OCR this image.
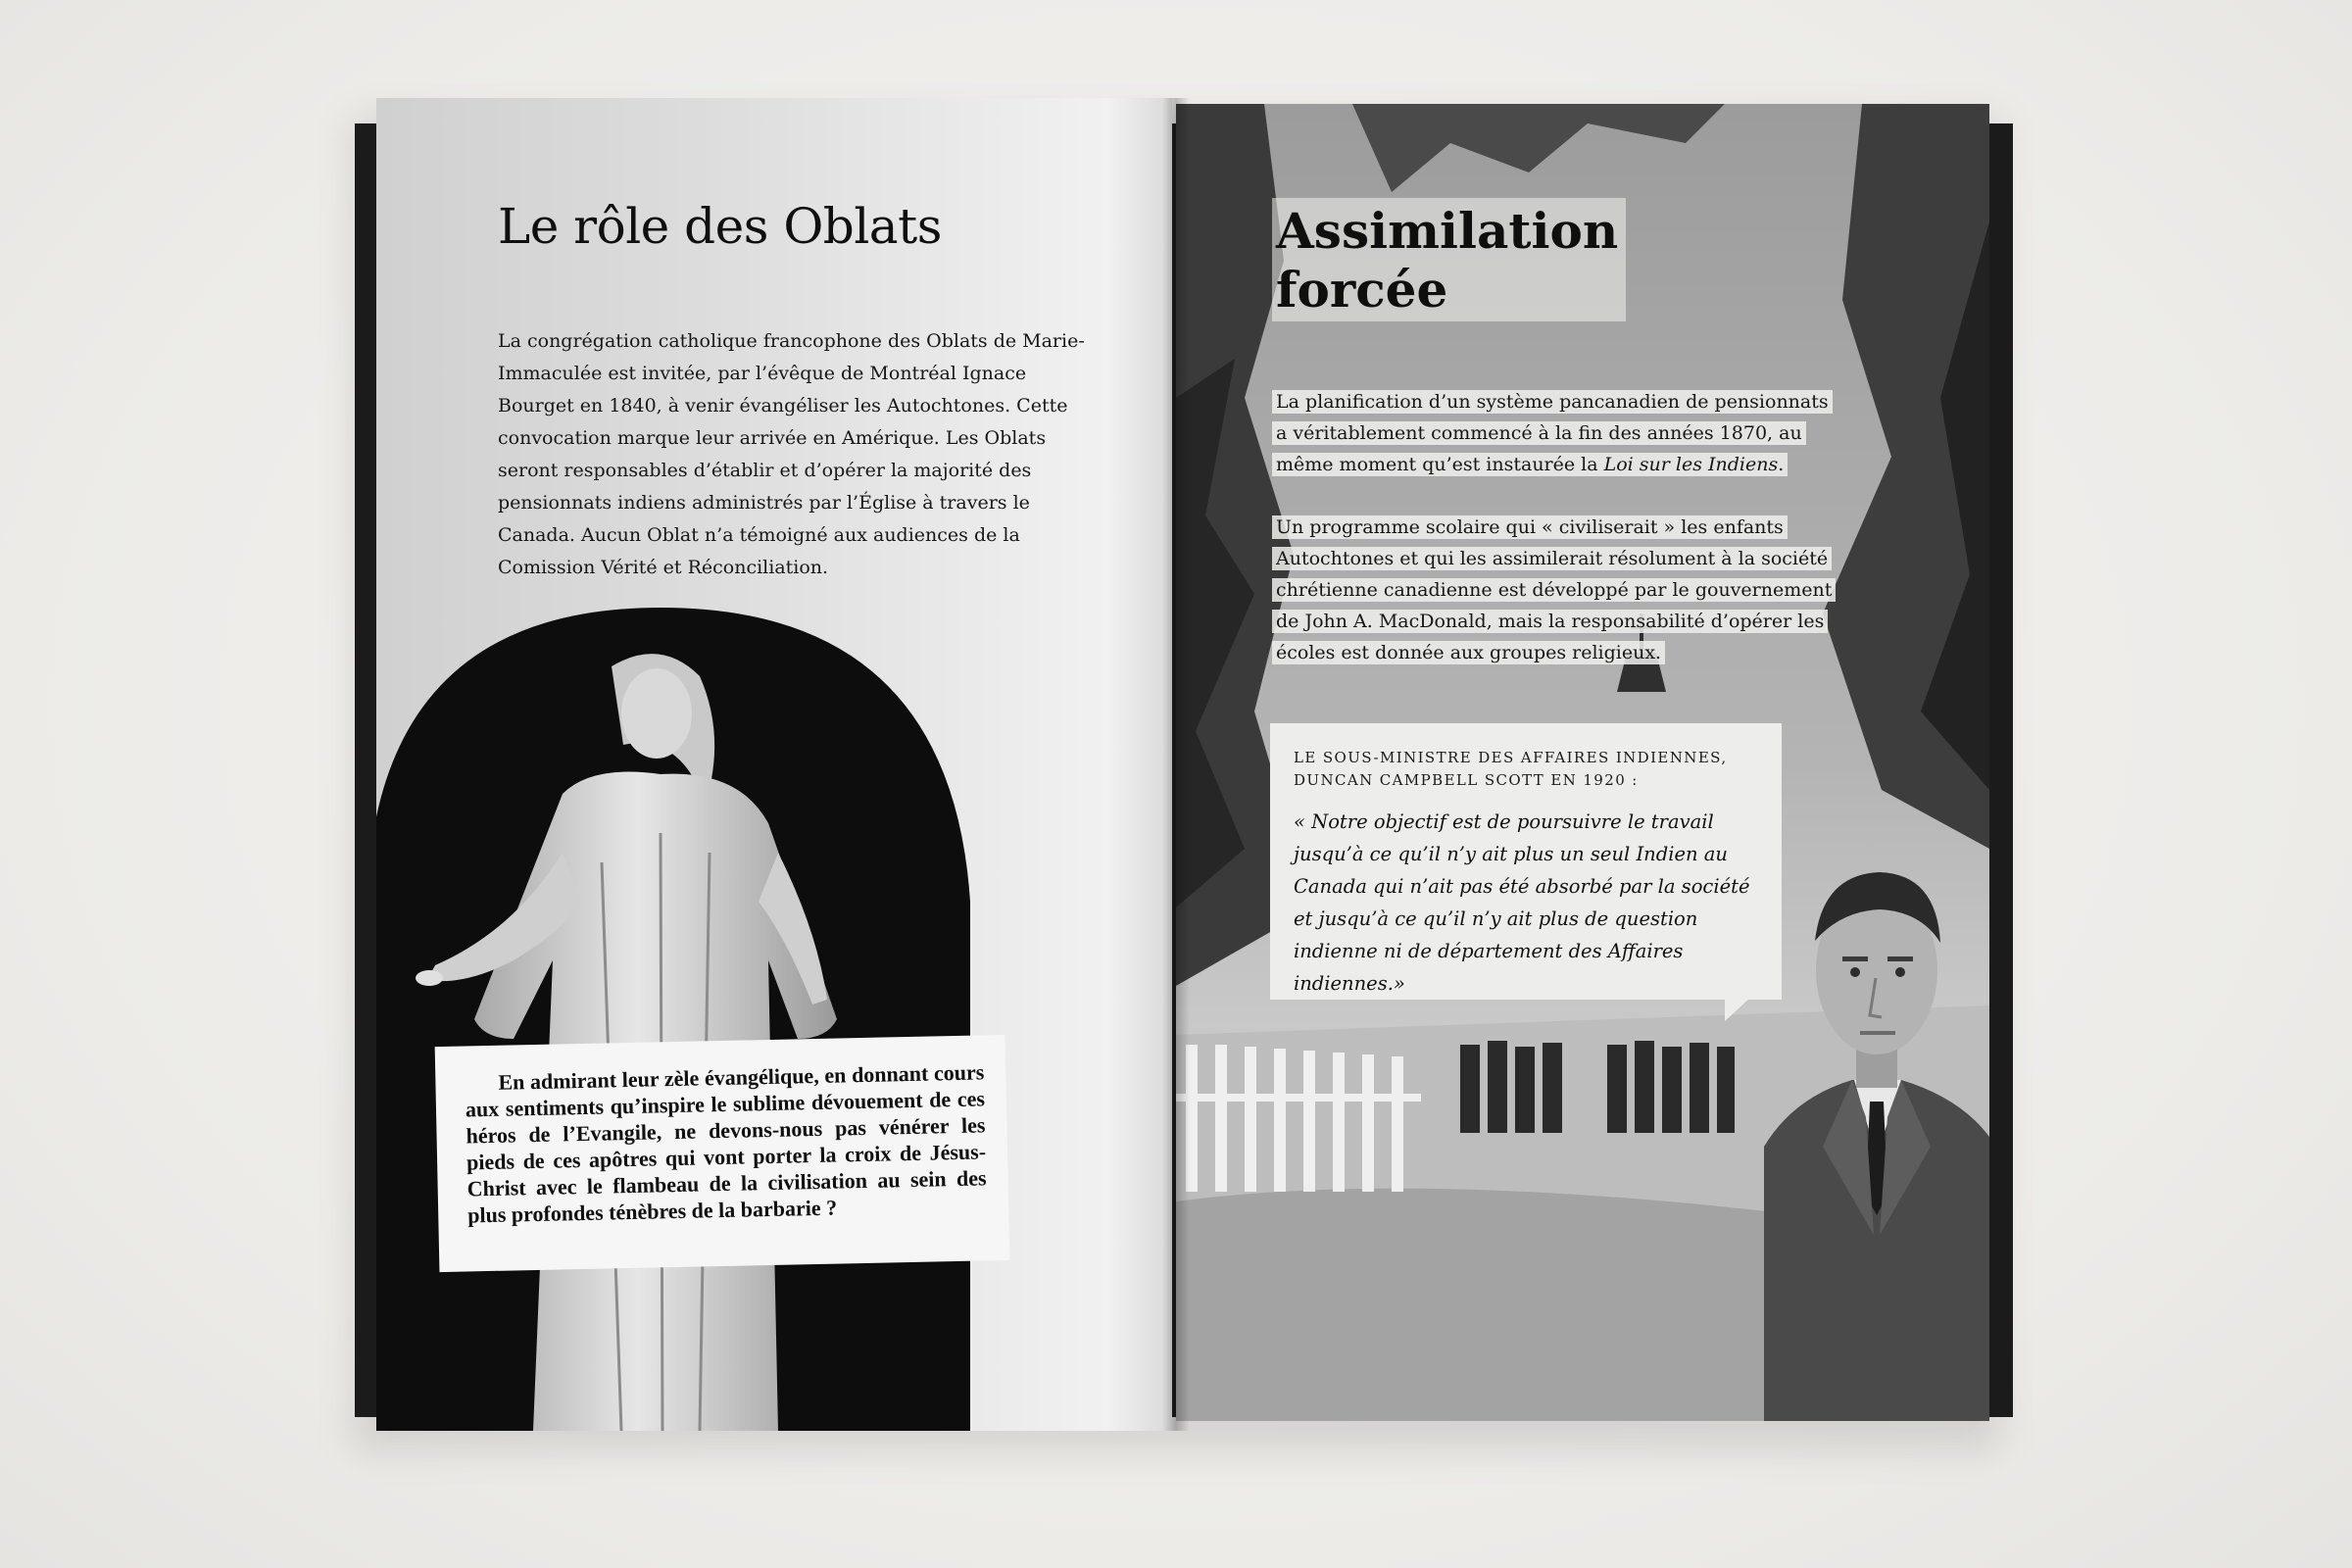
Le rôle des Oblats

La congrégation catholique francophone des Oblats de Marie-Immaculée est invitée, par l’évêque de Montréal Ignace Bourget en 1840, à venir évangéliser les Autochtones. Cette convocation marque leur arrivée en Amérique. Les Oblats seront responsables d’établir et d’opérer la majorité des pensionnats indiens administrés par l’Église à travers le Canada. Aucun Oblat n’a témoigné aux audiences de la Comission Vérité et Réconciliation.

En admirant leur zèle évangélique, en donnant cours aux sentiments qu’inspire le sublime dévouement de ces héros de l’Evangile, ne devons-nous pas vénérer les pieds de ces apôtres qui vont porter la croix de Jésus-Christ avec le flambeau de la civilisation au sein des plus profondes ténèbres de la barbarie ?

Assimilation
forcée

La planification d’un système pancanadien de pensionnats a véritablement commencé à la fin des années 1870, au même moment qu’est instaurée la Loi sur les Indiens.

Un programme scolaire qui « civiliserait » les enfants Autochtones et qui les assimilerait résolument à la société chrétienne canadienne est développé par le gouvernement de John A. MacDonald, mais la responsabilité d’opérer les écoles est donnée aux groupes religieux.

LE SOUS-MINISTRE DES AFFAIRES INDIENNES,
DUNCAN CAMPBELL SCOTT EN 1920 :

« Notre objectif est de poursuivre le travail jusqu’à ce qu’il n’y ait plus un seul Indien au Canada qui n’ait pas été absorbé par la société et jusqu’à ce qu’il n’y ait plus de question indienne ni de département des Affaires indiennes.»
